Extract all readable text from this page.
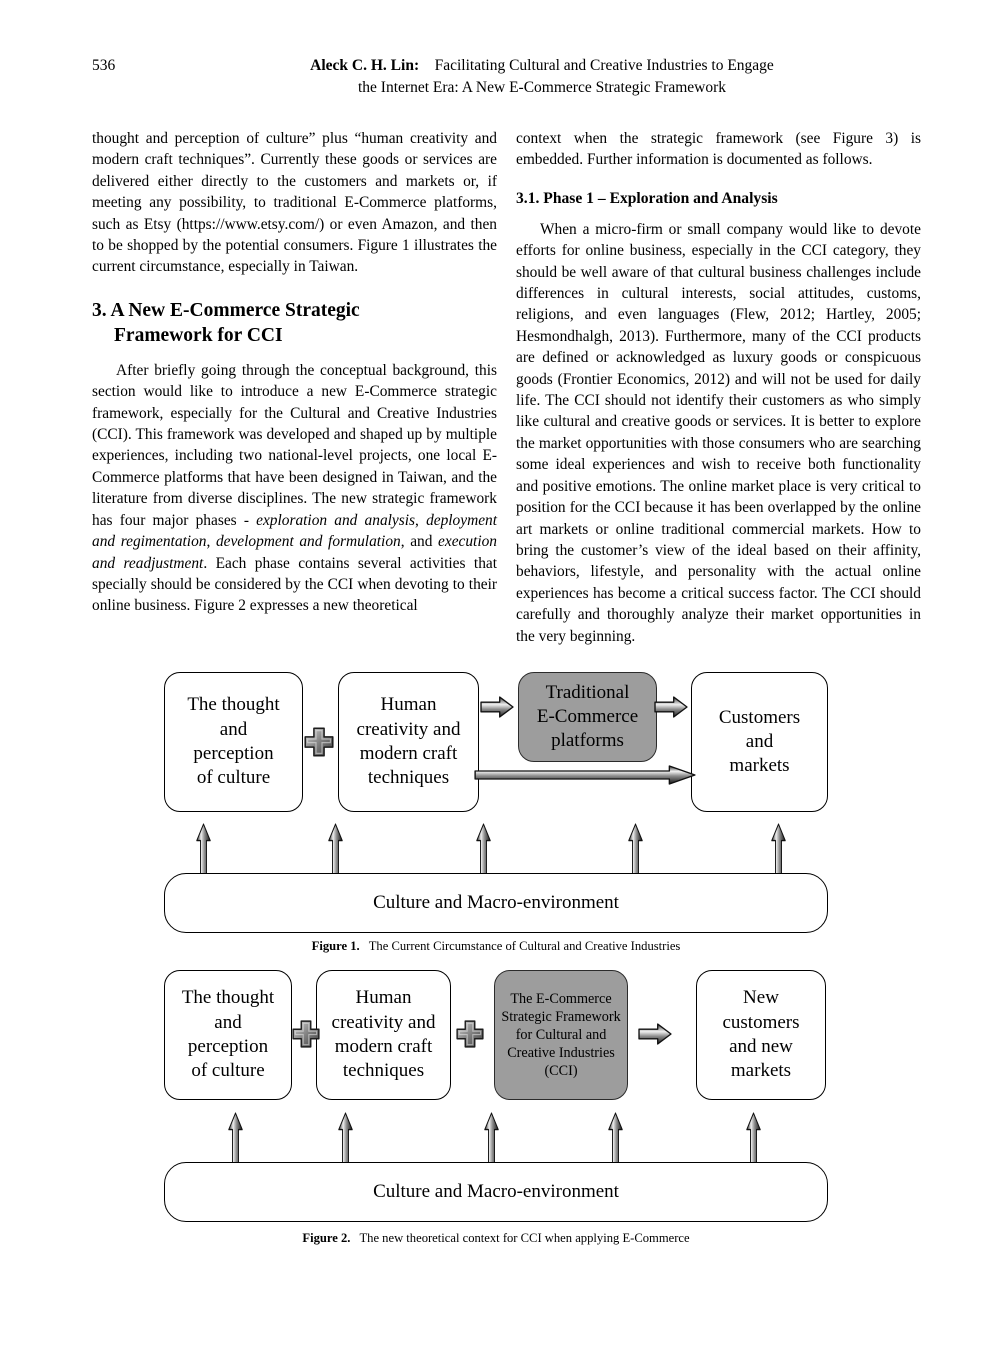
536	Aleck C. H. Lin: Facilitating Cultural and Creative Industries to Engage
the Internet Era: A New E-Commerce Strategic Framework

thought and perception of culture” plus “human creativity and modern craft techniques”. Currently these goods or services are delivered either directly to the customers and markets or, if meeting any possibility, to traditional E-Commerce platforms, such as Etsy (https://www.etsy.com/) or even Amazon, and then to be shopped by the potential consumers. Figure 1 illustrates the current circumstance, especially in Taiwan.

3. A New E-Commerce Strategic
Framework for CCI

After briefly going through the conceptual background, this section would like to introduce a new E-Commerce strategic framework, especially for the Cultural and Creative Industries (CCI). This framework was developed and shaped up by multiple experiences, including two national-level projects, one local E-Commerce platforms that have been designed in Taiwan, and the literature from diverse disciplines. The new strategic framework has four major phases - exploration and analysis, deployment and regimentation, development and formulation, and execution and readjustment. Each phase contains several activities that specially should be considered by the CCI when devoting to their online business. Figure 2 expresses a new theoretical

context when the strategic framework (see Figure 3) is embedded. Further information is documented as follows.

3.1. Phase 1 – Exploration and Analysis

When a micro-firm or small company would like to devote efforts for online business, especially in the CCI category, they should be well aware of that cultural business challenges include differences in cultural interests, social attitudes, customs, religions, and even languages (Flew, 2012; Hartley, 2005; Hesmondhalgh, 2013). Furthermore, many of the CCI products are defined or acknowledged as luxury goods or conspicuous goods (Frontier Economics, 2012) and will not be used for daily life. The CCI should not identify their customers as who simply like cultural and creative goods or services. It is better to explore the market opportunities with those consumers who are searching some ideal experiences and wish to receive both functionality and positive emotions. The online market place is very critical to position for the CCI because it has been overlapped by the online art markets or online traditional commercial markets. How to bring the customer’s view of the ideal based on their affinity, behaviors, lifestyle, and personality with the actual online experiences has become a critical success factor. The CCI should carefully and thoroughly analyze their market opportunities in the very beginning.

The thought
and
perception
of culture
Human
creativity and
modern craft
techniques
Traditional
E-Commerce
platforms
Customers
and
markets
Culture and Macro-environment
Figure 1. The Current Circumstance of Cultural and Creative Industries
The thought
and
perception
of culture
Human
creativity and
modern craft
techniques
The E-Commerce
Strategic Framework
for Cultural and
Creative Industries
(CCI)
New
customers
and new
markets
Culture and Macro-environment
Figure 2. The new theoretical context for CCI when applying E-Commerce
